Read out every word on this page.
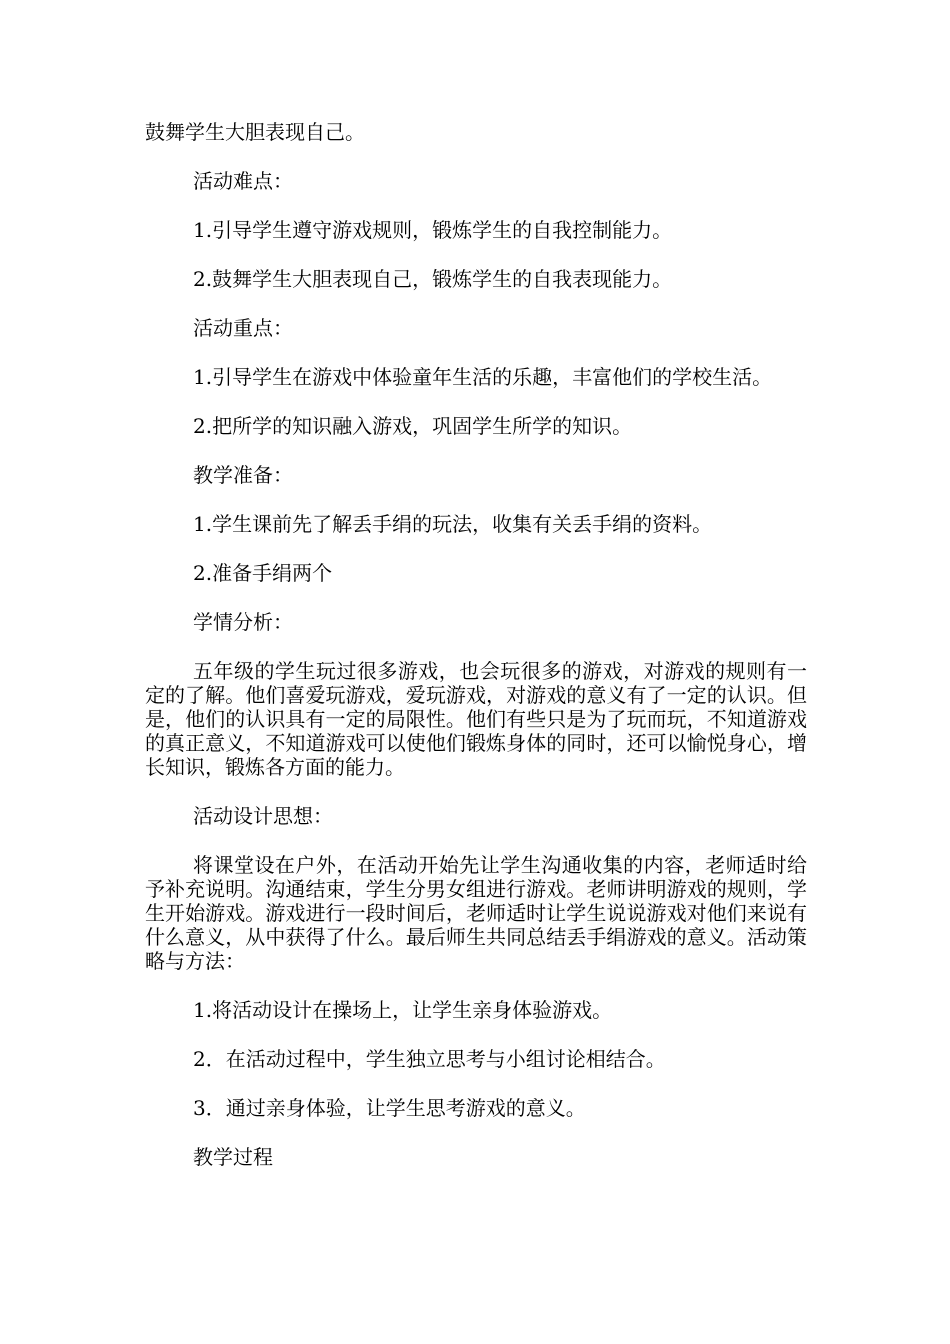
鼓舞学生大胆表现自己。

活动难点：

1.引导学生遵守游戏规则，锻炼学生的自我控制能力。

2.鼓舞学生大胆表现自己，锻炼学生的自我表现能力。

活动重点：

1.引导学生在游戏中体验童年生活的乐趣，丰富他们的学校生活。

2.把所学的知识融入游戏，巩固学生所学的知识。

教学准备：

1.学生课前先了解丢手绢的玩法，收集有关丢手绢的资料。

2.准备手绢两个

学情分析：

五年级的学生玩过很多游戏，也会玩很多的游戏，对游戏的规则有一定的了解。他们喜爱玩游戏，爱玩游戏，对游戏的意义有了一定的认识。但是，他们的认识具有一定的局限性。他们有些只是为了玩而玩，不知道游戏的真正意义，不知道游戏可以使他们锻炼身体的同时，还可以愉悦身心，增长知识，锻炼各方面的能力。

活动设计思想：

将课堂设在户外，在活动开始先让学生沟通收集的内容，老师适时给予补充说明。沟通结束，学生分男女组进行游戏。老师讲明游戏的规则，学生开始游戏。游戏进行一段时间后，老师适时让学生说说游戏对他们来说有什么意义，从中获得了什么。最后师生共同总结丢手绢游戏的意义。活动策略与方法：

1.将活动设计在操场上，让学生亲身体验游戏。

2．在活动过程中，学生独立思考与小组讨论相结合。

3．通过亲身体验，让学生思考游戏的意义。

教学过程
